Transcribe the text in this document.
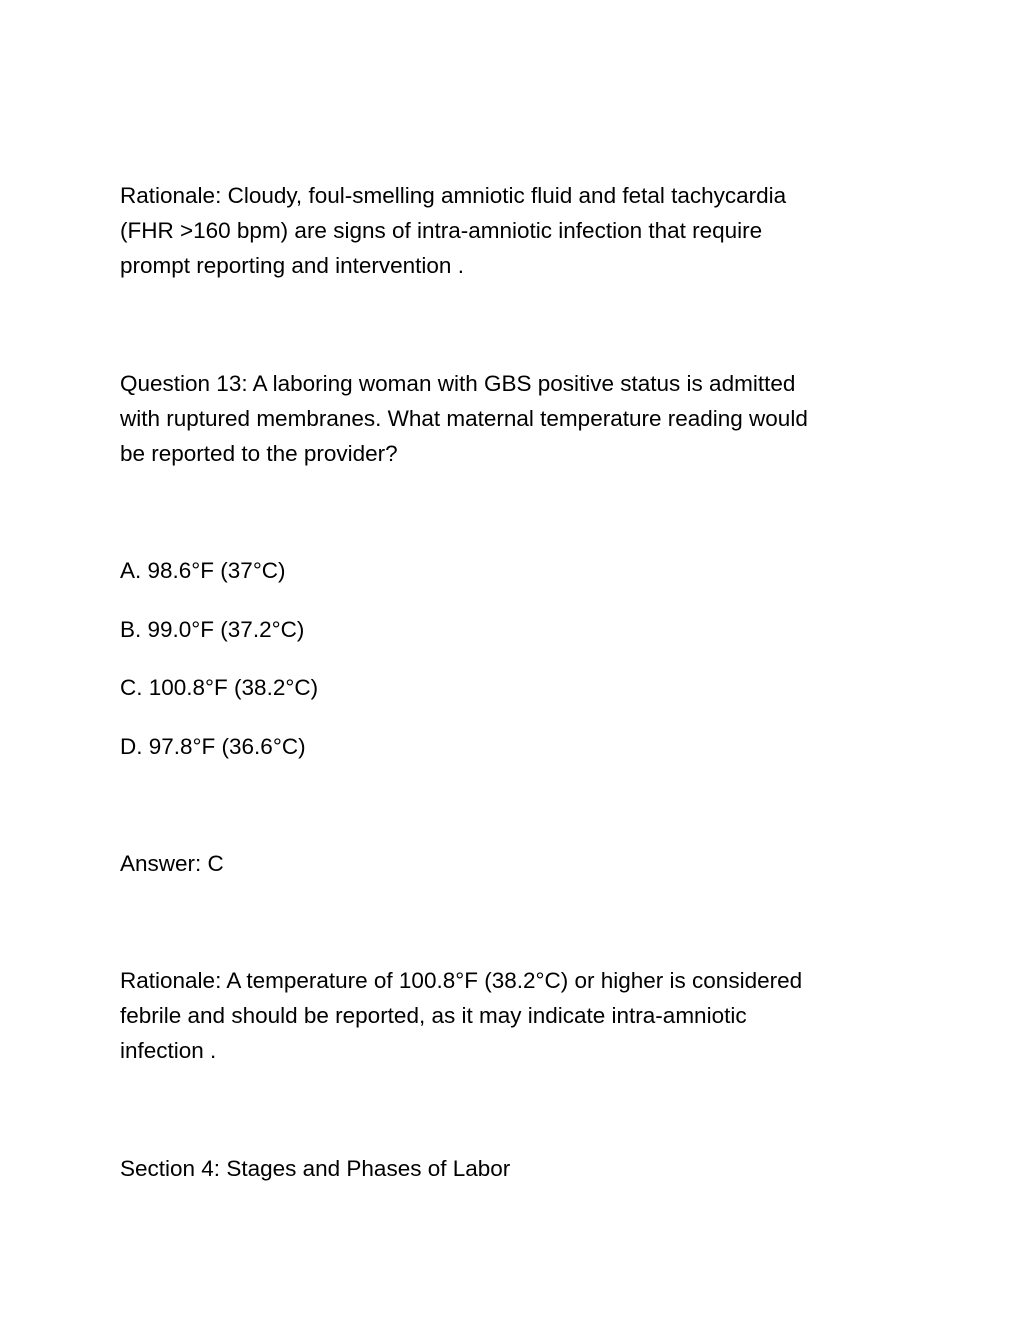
Rationale: Cloudy, foul-smelling amniotic fluid and fetal tachycardia
(FHR >160 bpm) are signs of intra-amniotic infection that require
prompt reporting and intervention .

Question 13: A laboring woman with GBS positive status is admitted
with ruptured membranes. What maternal temperature reading would
be reported to the provider?

A. 98.6°F (37°C)

B. 99.0°F (37.2°C)

C. 100.8°F (38.2°C)

D. 97.8°F (36.6°C)

Answer: C

Rationale: A temperature of 100.8°F (38.2°C) or higher is considered
febrile and should be reported, as it may indicate intra-amniotic
infection .

Section 4: Stages and Phases of Labor
